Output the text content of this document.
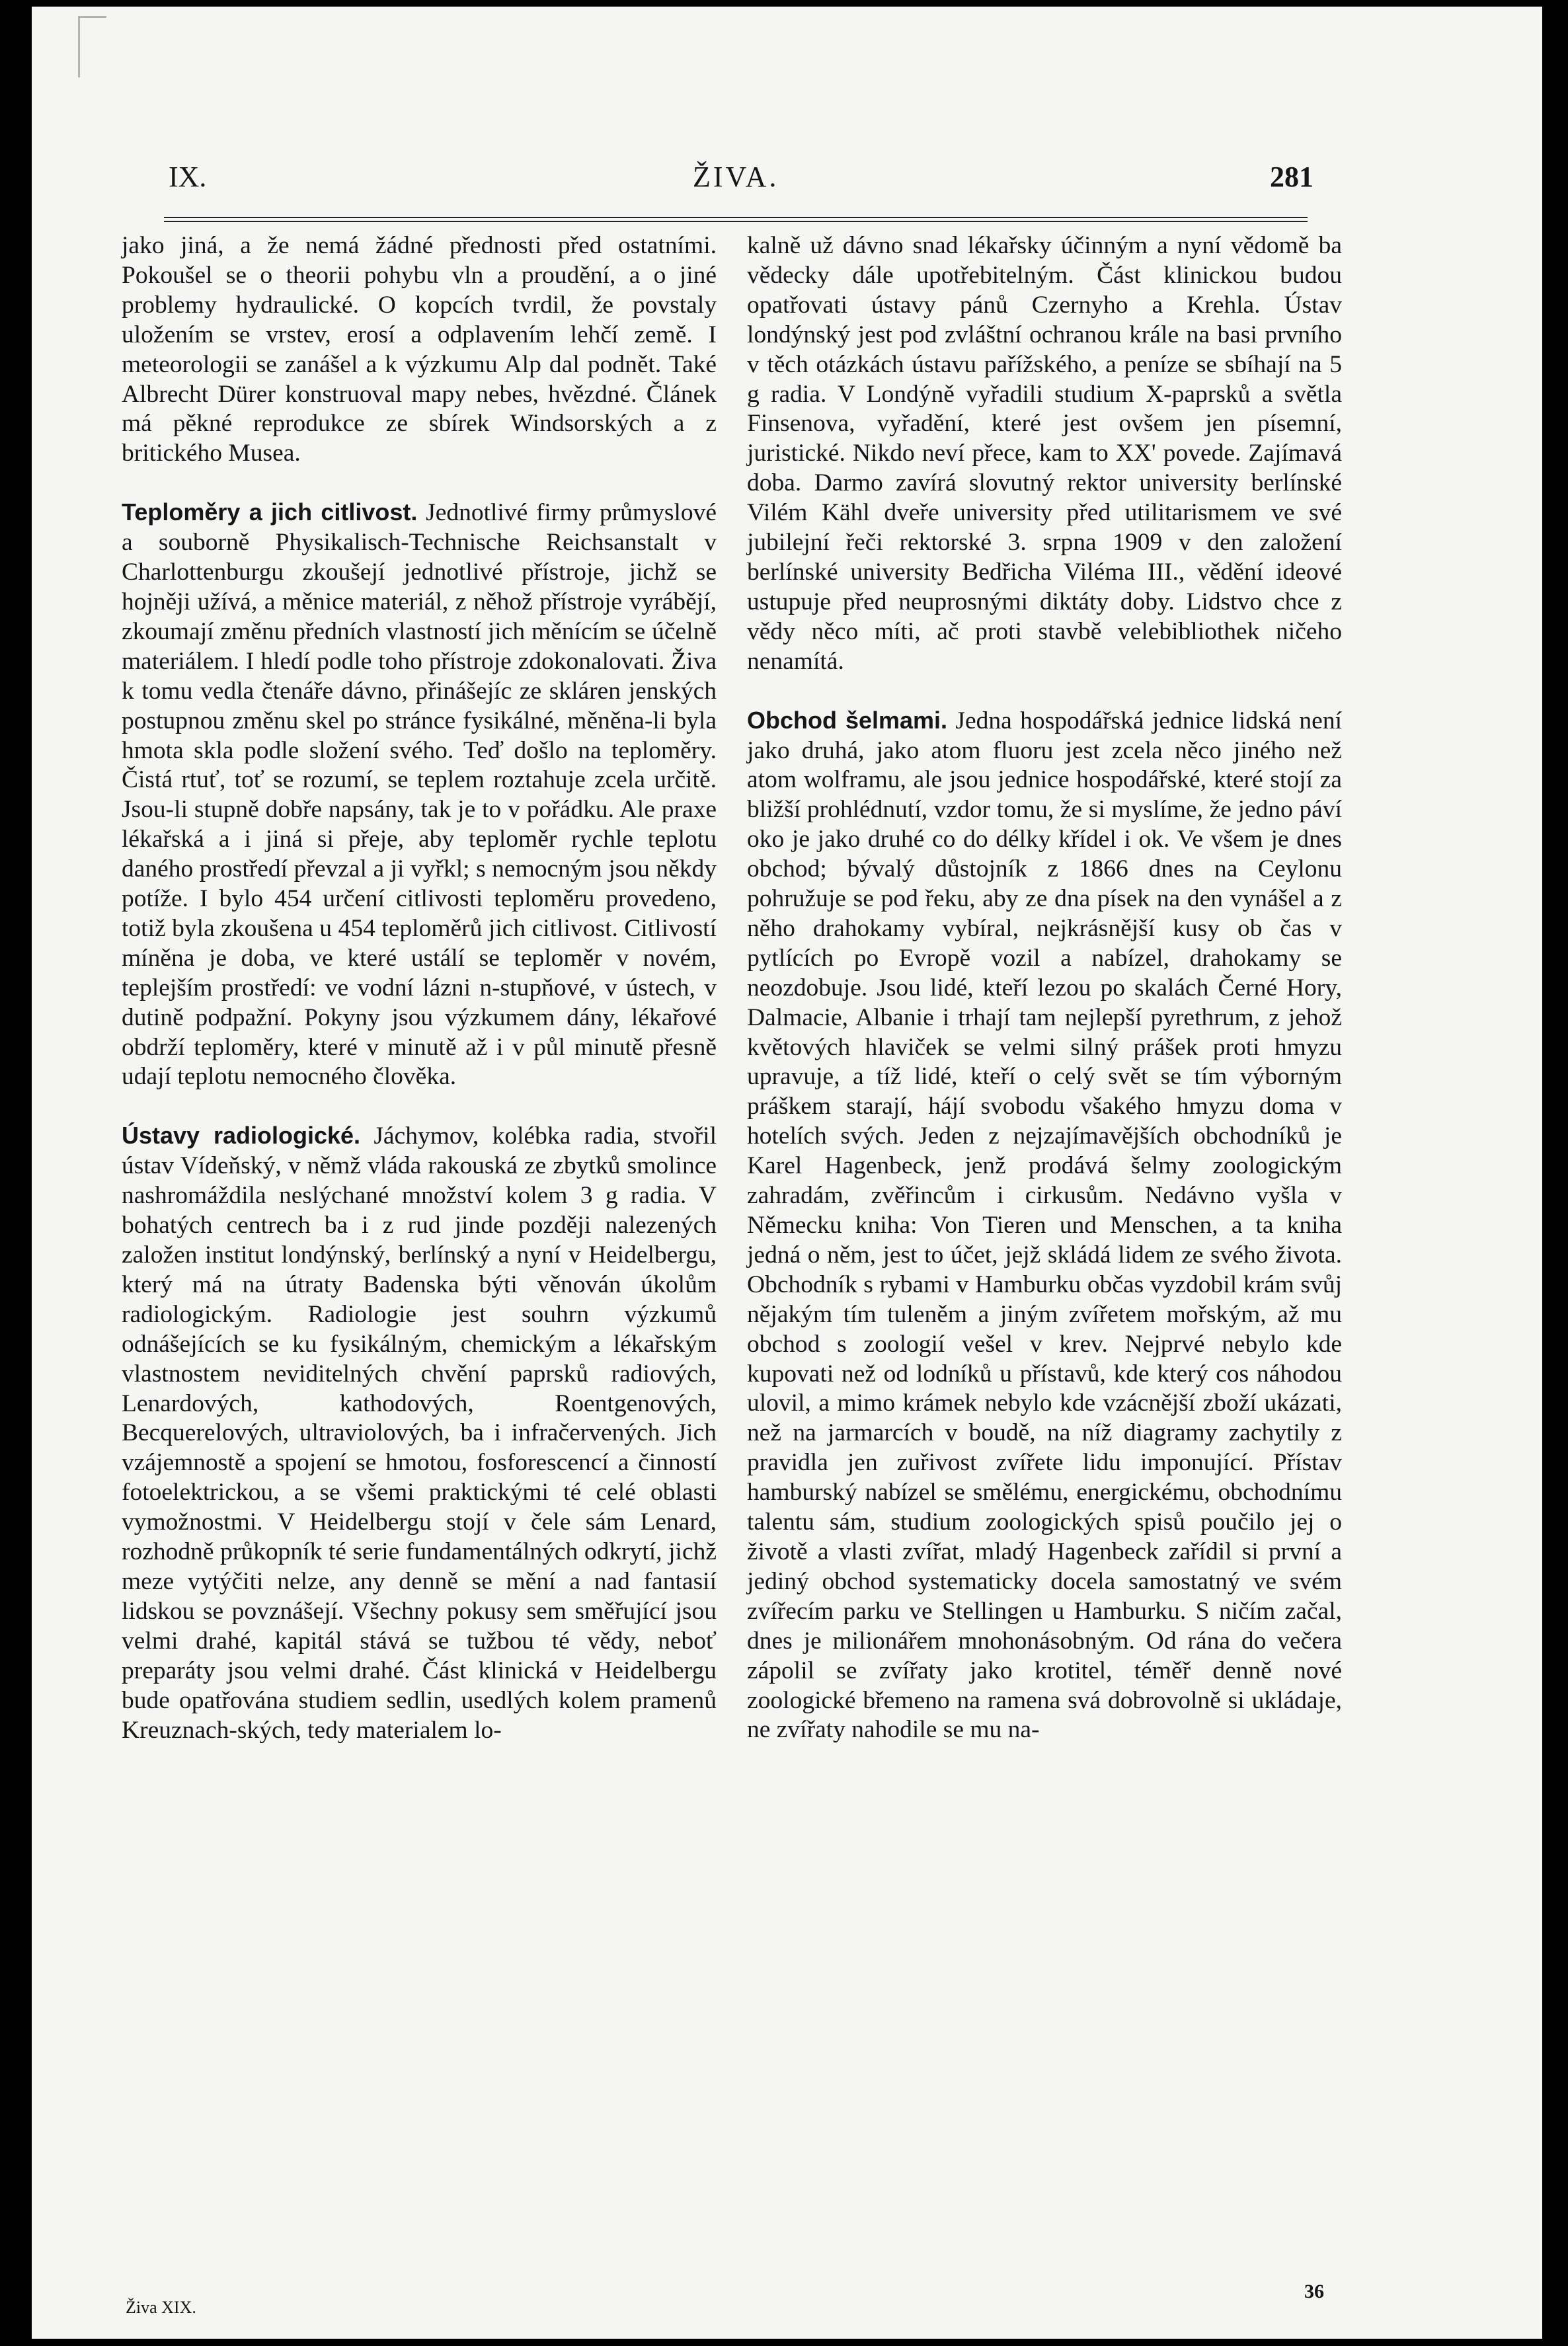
IX.	ŽIVA.	281

jako jiná, a že nemá žádné přednosti před ostatními. Pokoušel se o theorii pohybu vln a proudění, a o jiné problemy hydraulické. O kopcích tvrdil, že povstaly uložením se vrstev, erosí a odplavením lehčí země. I meteorologii se zanášel a k výzkumu Alp dal podnět. Také Albrecht Dürer konstruoval mapy nebes, hvězdné. Článek má pěkné reprodukce ze sbírek Windsorských a z britického Musea.

Teploměry a jich citlivost. Jednotlivé firmy průmyslové a souborně Physikalisch-Technische Reichsanstalt v Charlottenburgu zkoušejí jednotlivé přístroje, jichž se hojněji užívá, a měnice materiál, z něhož přístroje vyrábějí, zkoumají změnu předních vlastností jich měnícím se účelně materiálem. I hledí podle toho přístroje zdokonalovati. Živa k tomu vedla čtenáře dávno, přinášejíc ze skláren jenských postupnou změnu skel po stránce fysikálné, měněna-li byla hmota skla podle složení svého. Teď došlo na teploměry. Čistá rtuť, toť se rozumí, se teplem roztahuje zcela určitě. Jsou-li stupně dobře napsány, tak je to v pořádku. Ale praxe lékařská a i jiná si přeje, aby teploměr rychle teplotu daného prostředí převzal a ji vyřkl; s nemocným jsou někdy potíže. I bylo 454 určení citlivosti teploměru provedeno, totiž byla zkoušena u 454 teploměrů jich citlivost. Citlivostí míněna je doba, ve které ustálí se teploměr v novém, teplejším prostředí: ve vodní lázni n-stupňové, v ústech, v dutině podpažní. Pokyny jsou výzkumem dány, lékařové obdrží teploměry, které v minutě až i v půl minutě přesně udají teplotu nemocného člověka.

Ústavy radiologické. Jáchymov, kolébka radia, stvořil ústav Vídeňský, v němž vláda rakouská ze zbytků smolince nashromáždila neslýchané množství kolem 3 g radia. V bohatých centrech ba i z rud jinde později nalezených založen institut londýnský, berlínský a nyní v Heidelbergu, který má na útraty Badenska býti věnován úkolům radiologickým. Radiologie jest souhrn výzkumů odnášejících se ku fysikálným, chemickým a lékařským vlastnostem neviditelných chvění paprsků radiových, Lenardových, kathodových, Roentgenových, Becquerelových, ultraviolových, ba i infračervených. Jich vzájemnostě a spojení se hmotou, fosforescencí a činností fotoelektrickou, a se všemi praktickými té celé oblasti vymožnostmi. V Heidelbergu stojí v čele sám Lenard, rozhodně průkopník té serie fundamentálných odkrytí, jichž meze vytýčiti nelze, any denně se mění a nad fantasií lidskou se povznášejí. Všechny pokusy sem směřující jsou velmi drahé, kapitál stává se tužbou té vědy, neboť preparáty jsou velmi drahé. Část klinická v Heidelbergu bude opatřována studiem sedlin, usedlých kolem pramenů Kreuznach-ských, tedy materialem lo-

kalně už dávno snad lékařsky účinným a nyní vědomě ba vědecky dále upotřebitelným. Část klinickou budou opatřovati ústavy pánů Czernyho a Krehla. Ústav londýnský jest pod zvláštní ochranou krále na basi prvního v těch otázkách ústavu pařížského, a peníze se sbíhají na 5 g radia. V Londýně vyřadili studium X-paprsků a světla Finsenova, vyřadění, které jest ovšem jen písemní, juristické. Nikdo neví přece, kam to XX' povede. Zajímavá doba. Darmo zavírá slovutný rektor university berlínské Vilém Kähl dveře university před utilitarismem ve své jubilejní řeči rektorské 3. srpna 1909 v den založení berlínské university Bedřicha Viléma III., vědění ideové ustupuje před neuprosnými diktáty doby. Lidstvo chce z vědy něco míti, ač proti stavbě velebibliothek ničeho nenamítá.

Obchod šelmami. Jedna hospodářská jednice lidská není jako druhá, jako atom fluoru jest zcela něco jiného než atom wolframu, ale jsou jednice hospodářské, které stojí za bližší prohlédnutí, vzdor tomu, že si myslíme, že jedno páví oko je jako druhé co do délky křídel i ok. Ve všem je dnes obchod; bývalý důstojník z 1866 dnes na Ceylonu pohružuje se pod řeku, aby ze dna písek na den vynášel a z něho drahokamy vybíral, nejkrásnější kusy ob čas v pytlících po Evropě vozil a nabízel, drahokamy se neozdobuje. Jsou lidé, kteří lezou po skalách Černé Hory, Dalmacie, Albanie i trhají tam nejlepší pyrethrum, z jehož květových hlaviček se velmi silný prášek proti hmyzu upravuje, a tíž lidé, kteří o celý svět se tím výborným práškem starají, hájí svobodu všakého hmyzu doma v hotelích svých. Jeden z nejzajímavějších obchodníků je Karel Hagenbeck, jenž prodává šelmy zoologickým zahradám, zvěřincům i cirkusům. Nedávno vyšla v Německu kniha: Von Tieren und Menschen, a ta kniha jedná o něm, jest to účet, jejž skládá lidem ze svého života. Obchodník s rybami v Hamburku občas vyzdobil krám svůj nějakým tím tuleněm a jiným zvířetem mořským, až mu obchod s zoologií vešel v krev. Nejprvé nebylo kde kupovati než od lodníků u přístavů, kde který cos náhodou ulovil, a mimo krámek nebylo kde vzácnější zboží ukázati, než na jarmarcích v boudě, na níž diagramy zachytily z pravidla jen zuřivost zvířete lidu imponující. Přístav hamburský nabízel se smělému, energickému, obchodnímu talentu sám, studium zoologických spisů poučilo jej o životě a vlasti zvířat, mladý Hagenbeck zařídil si první a jediný obchod systematicky docela samostatný ve svém zvířecím parku ve Stellingen u Hamburku. S ničím začal, dnes je milionářem mnohonásobným. Od rána do večera zápolil se zvířaty jako krotitel, téměř denně nové zoologické břemeno na ramena svá dobrovolně si ukládaje, ne zvířaty nahodile se mu na-

Živa XIX.
36
